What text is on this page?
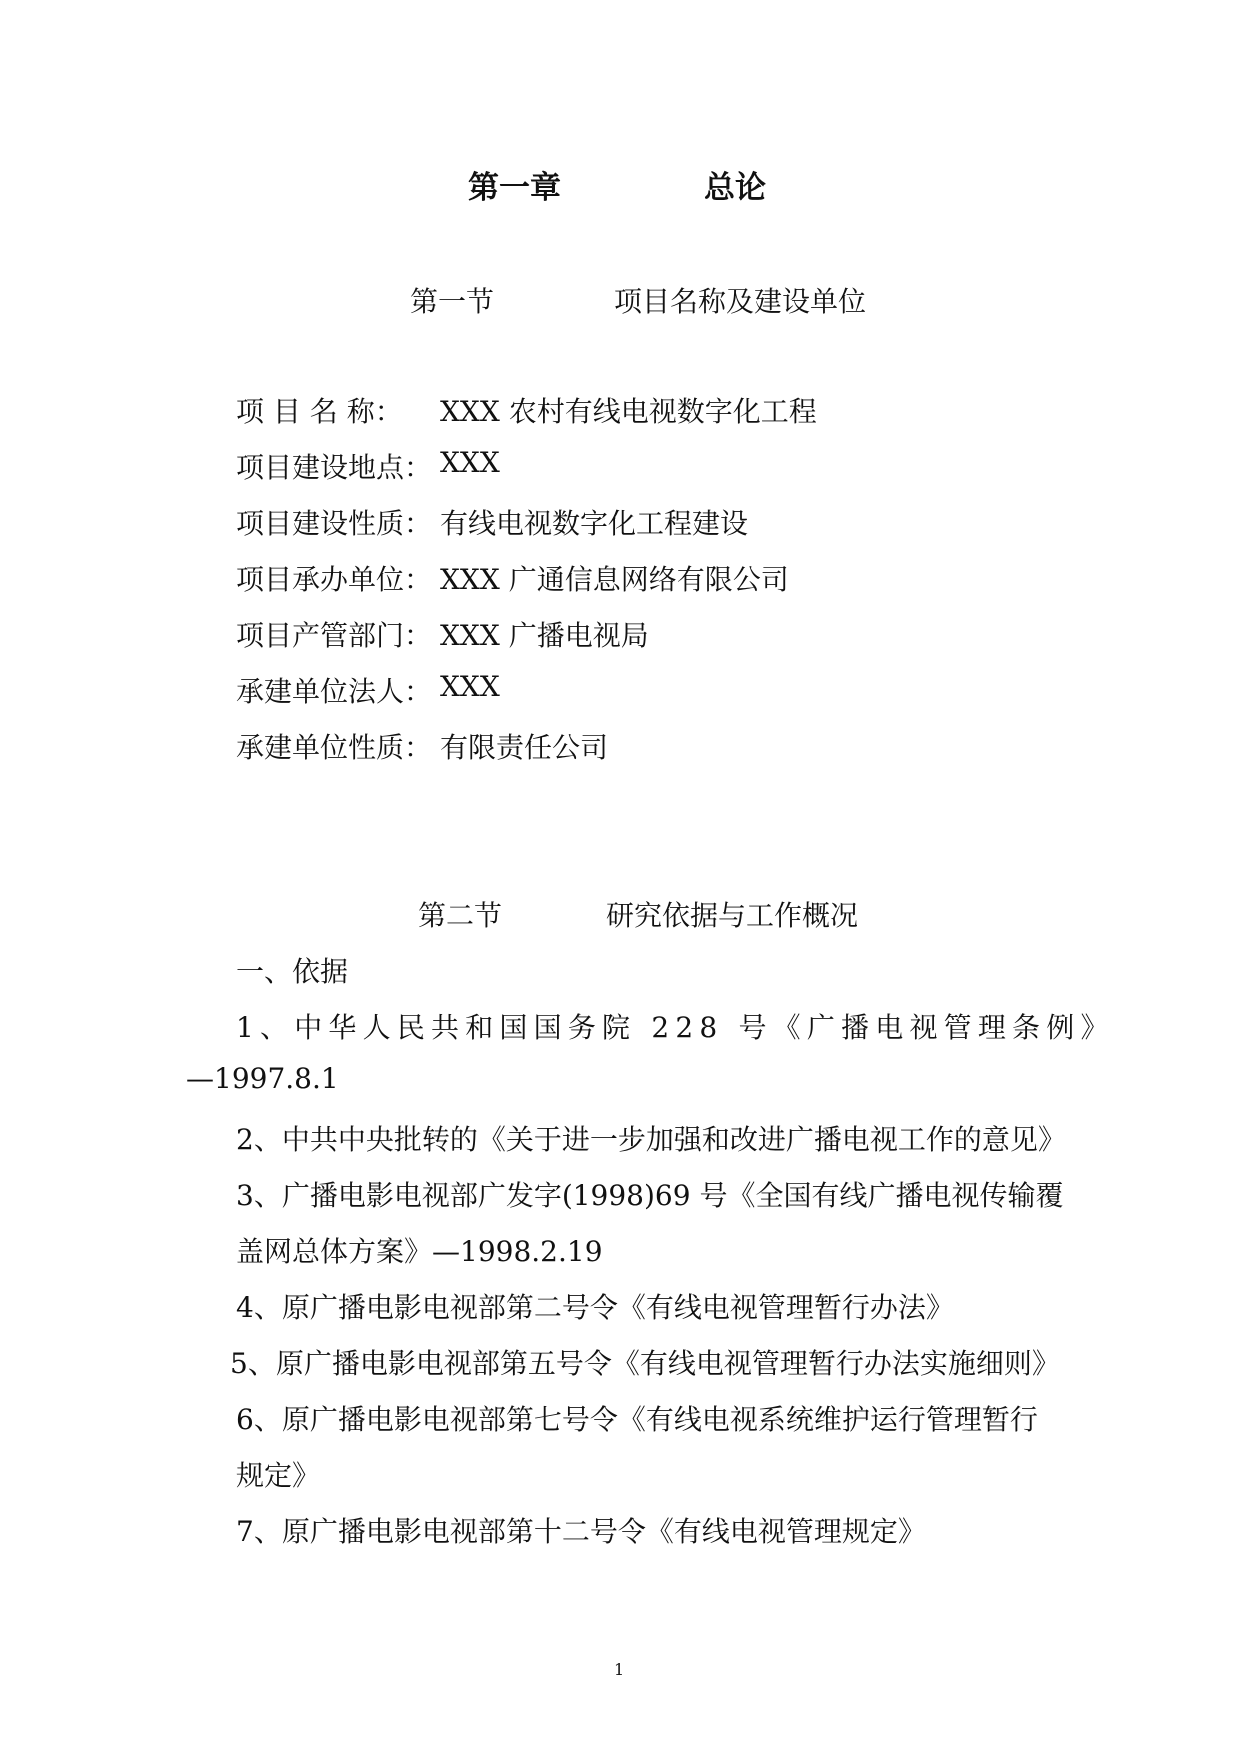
第一章	总论
第一节	项目名称及建设单位
项 目 名 称： XXX 农村有线电视数字化工程
项目建设地点： XXX
项目建设性质： 有线电视数字化工程建设
项目承办单位： XXX 广通信息网络有限公司
项目产管部门： XXX 广播电视局
承建单位法人： XXX
承建单位性质： 有限责任公司
第二节	研究依据与工作概况
一、依据
1、中华人民共和国国务院 228 号《广播电视管理条例》
—1997.8.1
2、中共中央批转的《关于进一步加强和改进广播电视工作的意见》
3、广播电影电视部广发字(1998)69 号《全国有线广播电视传输覆
盖网总体方案》—1998.2.19
4、原广播电影电视部第二号令《有线电视管理暂行办法》
5、原广播电影电视部第五号令《有线电视管理暂行办法实施细则》
6、原广播电影电视部第七号令《有线电视系统维护运行管理暂行
规定》
7、原广播电影电视部第十二号令《有线电视管理规定》
1
